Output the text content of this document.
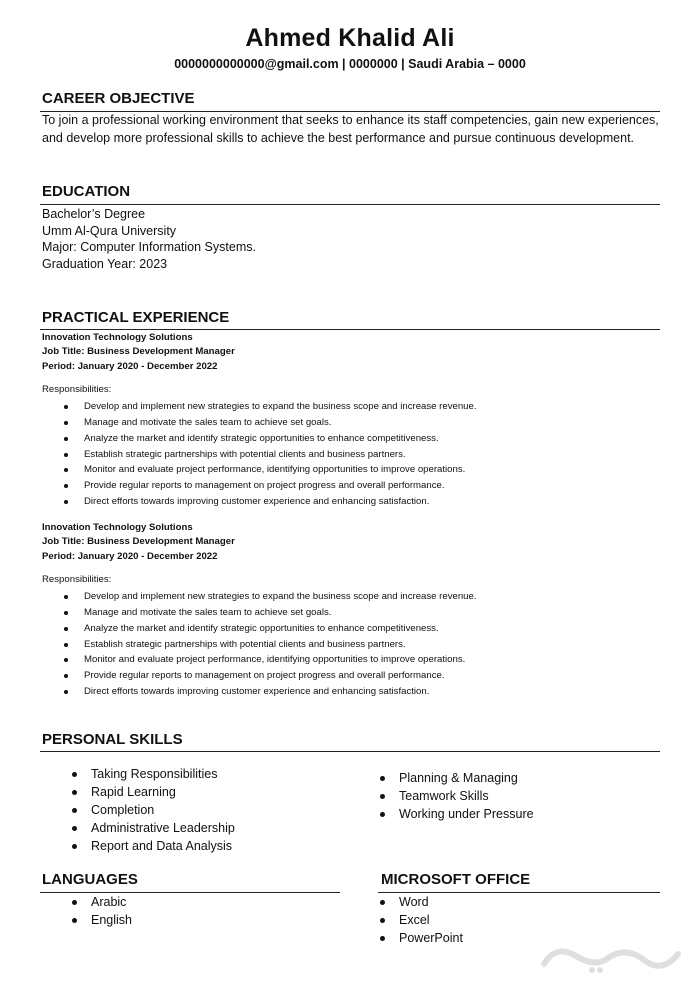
Ahmed Khalid Ali
0000000000000@gmail.com | 0000000 | Saudi Arabia – 0000
CAREER OBJECTIVE
To join a professional working environment that seeks to enhance its staff competencies, gain new experiences, and develop more professional skills to achieve the best performance and pursue continuous development.
EDUCATION
Bachelor’s Degree
Umm Al-Qura University
Major: Computer Information Systems.
Graduation Year: 2023
PRACTICAL EXPERIENCE
Innovation Technology Solutions
Job Title: Business Development Manager
Period: January 2020 - December 2022
Responsibilities:
Develop and implement new strategies to expand the business scope and increase revenue.
Manage and motivate the sales team to achieve set goals.
Analyze the market and identify strategic opportunities to enhance competitiveness.
Establish strategic partnerships with potential clients and business partners.
Monitor and evaluate project performance, identifying opportunities to improve operations.
Provide regular reports to management on project progress and overall performance.
Direct efforts towards improving customer experience and enhancing satisfaction.
Innovation Technology Solutions
Job Title: Business Development Manager
Period: January 2020 - December 2022
Responsibilities:
Develop and implement new strategies to expand the business scope and increase revenue.
Manage and motivate the sales team to achieve set goals.
Analyze the market and identify strategic opportunities to enhance competitiveness.
Establish strategic partnerships with potential clients and business partners.
Monitor and evaluate project performance, identifying opportunities to improve operations.
Provide regular reports to management on project progress and overall performance.
Direct efforts towards improving customer experience and enhancing satisfaction.
PERSONAL SKILLS
Taking Responsibilities
Rapid Learning
Completion
Administrative Leadership
Report and Data Analysis
Planning & Managing
Teamwork Skills
Working under Pressure
LANGUAGES
Arabic
English
MICROSOFT OFFICE
Word
Excel
PowerPoint
